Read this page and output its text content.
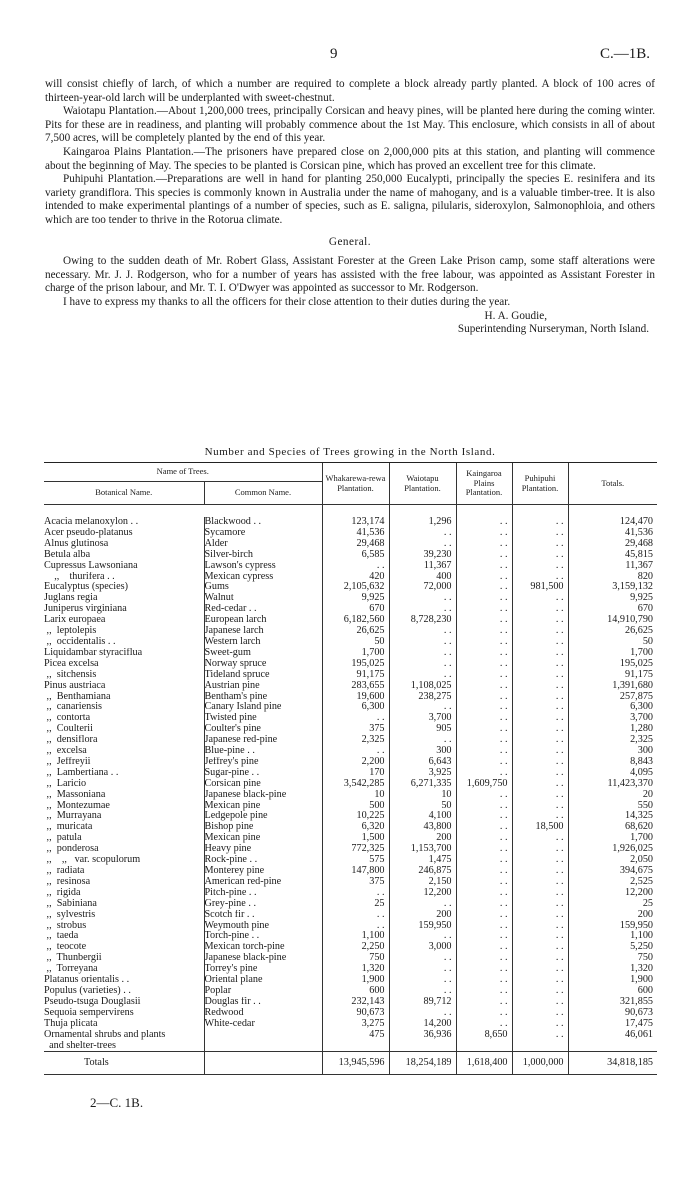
9	C.—1B.

will consist chiefly of larch, of which a number are required to complete a block already partly planted. A block of 100 acres of thirteen-year-old larch will be underplanted with sweet-chestnut.

Waiotapu Plantation.—About 1,200,000 trees, principally Corsican and heavy pines, will be planted here during the coming winter. Pits for these are in readiness, and planting will probably commence about the 1st May. This enclosure, which consists in all of about 7,500 acres, will be completely planted by the end of this year.

Kaingaroa Plains Plantation.—The prisoners have prepared close on 2,000,000 pits at this station, and planting will commence about the beginning of May. The species to be planted is Corsican pine, which has proved an excellent tree for this climate.

Puhipuhi Plantation.—Preparations are well in hand for planting 250,000 Eucalypti, principally the species E. resinifera and its variety grandiflora. This species is commonly known in Australia under the name of mahogany, and is a valuable timber-tree. It is also intended to make experimental plantings of a number of species, such as E. saligna, pilularis, sideroxylon, Salmonophloia, and others which are too tender to thrive in the Rotorua climate.

General.

Owing to the sudden death of Mr. Robert Glass, Assistant Forester at the Green Lake Prison camp, some staff alterations were necessary. Mr. J. J. Rodgerson, who for a number of years has assisted with the free labour, was appointed as Assistant Forester in charge of the prison labour, and Mr. T. I. O'Dwyer was appointed as successor to Mr. Rodgerson.

I have to express my thanks to all the officers for their close attention to their duties during the year.

H. A. Goudie,

Superintending Nurseryman, North Island.

Number and Species of Trees growing in the North Island.
Name of Trees.		Whakarewa-rewa Plantation.	Waiotapu Plantation.	Kaingaroa Plains Plantation.	Puhipuhi Plantation.	Totals.
Botanical Name.	Common Name.					

Acacia melanoxylon . .	Blackwood . .	123,174	1,296	. .	. .	124,470
Acer pseudo-platanus	Sycamore	41,536	. .	. .	. .	41,536
Alnus glutinosa	Alder	29,468	. .	. .	. .	29,468
Betula alba	Silver-birch	6,585	39,230	. .	. .	45,815
Cupressus Lawsoniana	Lawson's cypress	. .	11,367	. .	. .	11,367
,,    thurifera . .	Mexican cypress	420	400	. .	. .	820
Eucalyptus (species)	Gums	2,105,632	72,000	. .	981,500	3,159,132
Juglans regia	Walnut	9,925	. .	. .	. .	9,925
Juniperus virginiana	Red-cedar . .	670	. .	. .	. .	670
Larix europaea	European larch	6,182,560	8,728,230	. .	. .	14,910,790
,,  leptolepis	Japanese larch	26,625	. .	. .	. .	26,625
,,  occidentalis . .	Western larch	50	. .	. .	. .	50
Liquidambar styraciflua	Sweet-gum	1,700	. .	. .	. .	1,700
Picea excelsa	Norway spruce	195,025	. .	. .	. .	195,025
,,  sitchensis	Tideland spruce	91,175	. .	. .	. .	91,175
Pinus austriaca	Austrian pine	283,655	1,108,025	. .	. .	1,391,680
,,  Benthamiana	Bentham's pine	19,600	238,275	. .	. .	257,875
,,  canariensis	Canary Island pine	6,300	. .	. .	. .	6,300
,,  contorta	Twisted pine	. .	3,700	. .	. .	3,700
,,  Coulterii	Coulter's pine	375	905	. .	. .	1,280
,,  densiflora	Japanese red-pine	2,325	. .	. .	. .	2,325
,,  excelsa	Blue-pine . .	. .	300	. .	. .	300
,,  Jeffreyii	Jeffrey's pine	2,200	6,643	. .	. .	8,843
,,  Lambertiana . .	Sugar-pine . .	170	3,925	. .	. .	4,095
,,  Laricio	Corsican pine	3,542,285	6,271,335	1,609,750	. .	11,423,370
,,  Massoniana	Japanese black-pine	10	10	. .	. .	20
,,  Montezumae	Mexican pine	500	50	. .	. .	550
,,  Murrayana	Ledgepole pine	10,225	4,100	. .	. .	14,325
,,  muricata	Bishop pine	6,320	43,800	. .	18,500	68,620
,,  patula	Mexican pine	1,500	200	. .	. .	1,700
,,  ponderosa	Heavy pine	772,325	1,153,700	. .	. .	1,926,025
,,    ,,   var. scopulorum	Rock-pine . .	575	1,475	. .	. .	2,050
,,  radiata	Monterey pine	147,800	246,875	. .	. .	394,675
,,  resinosa	American red-pine	375	2,150	. .	. .	2,525
,,  rigida	Pitch-pine . .	. .	12,200	. .	. .	12,200
,,  Sabiniana	Grey-pine . .	25	. .	. .	. .	25
,,  sylvestris	Scotch fir . .	. .	200	. .	. .	200
,,  strobus	Weymouth pine	. .	159,950	. .	. .	159,950
,,  taeda	Torch-pine . .	1,100	. .	. .	. .	1,100
,,  teocote	Mexican torch-pine	2,250	3,000	. .	. .	5,250
,,  Thunbergii	Japanese black-pine	750	. .	. .	. .	750
,,  Torreyana	Torrey's pine	1,320	. .	. .	. .	1,320
Platanus orientalis . .	Oriental plane	1,900	. .	. .	. .	1,900
Populus (varieties) . .	Poplar	600	. .	. .	. .	600
Pseudo-tsuga Douglasii	Douglas fir . .	232,143	89,712	. .	. .	321,855
Sequoia sempervirens	Redwood	90,673	. .	. .	. .	90,673
Thuja plicata	White-cedar	3,275	14,200	. .	. .	17,475
Ornamental shrubs and plants		475	36,936	8,650	. .	46,061
and shelter-trees						
Totals		13,945,596	18,254,189	1,618,400	1,000,000	34,818,185
2—C. 1B.
